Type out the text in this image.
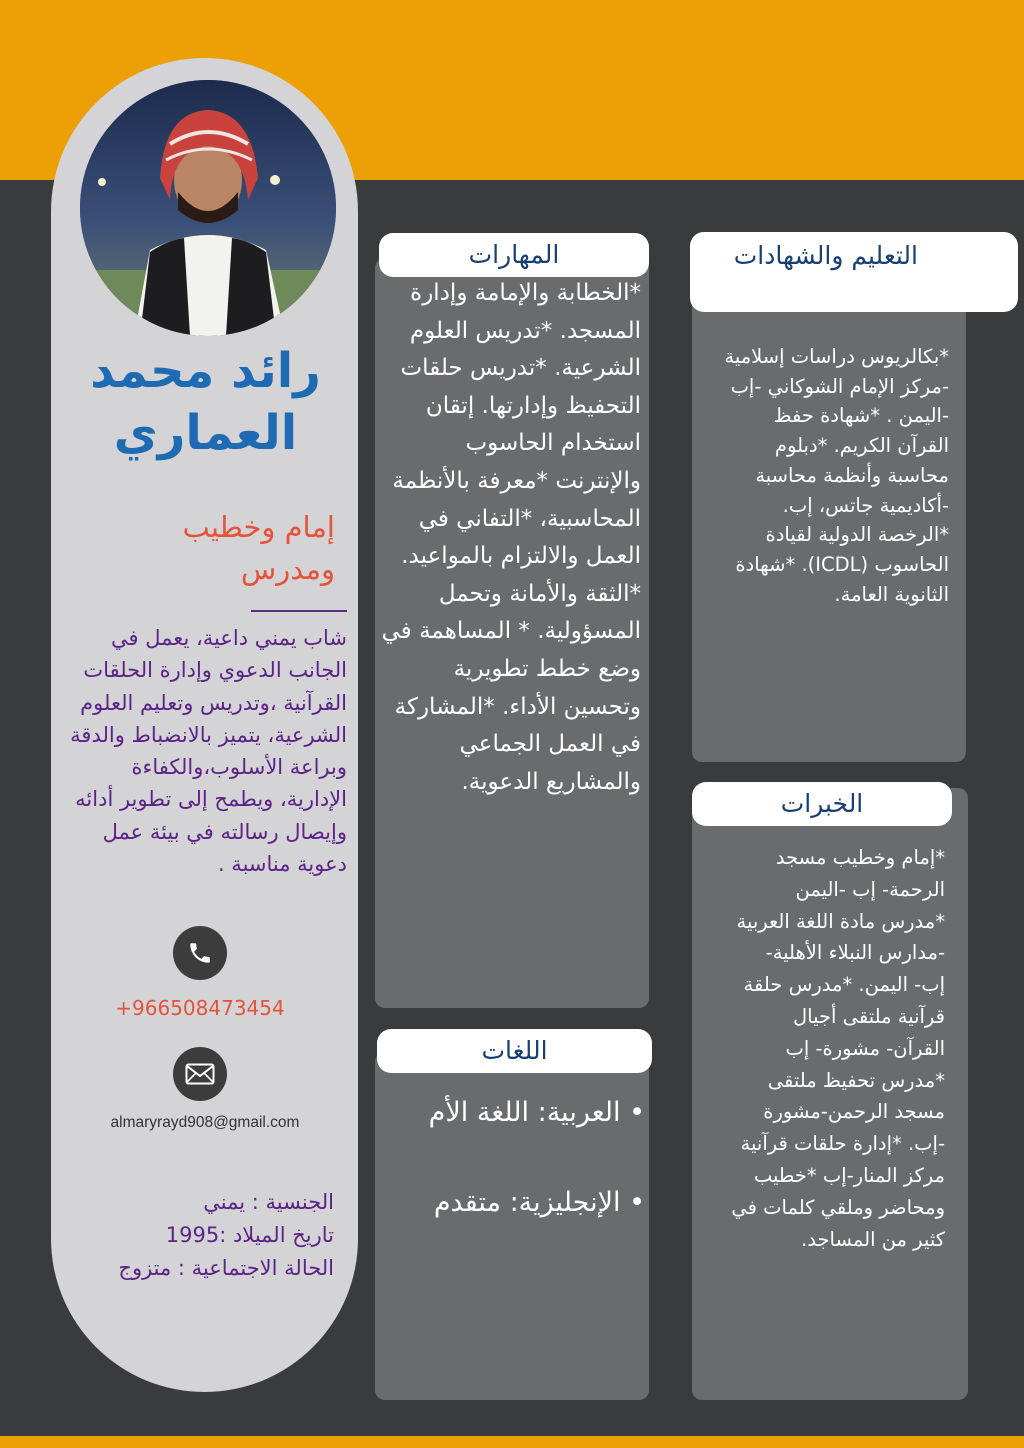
رائد محمد العماري
إمام وخطيب ومدرس
شاب يمني داعية، يعمل في الجانب الدعوي وإدارة الحلقات القرآنية ،وتدريس وتعليم العلوم الشرعية، يتميز بالانضباط والدقة وبراعة الأسلوب،والكفاءة الإدارية، ويطمح إلى تطوير أدائه وإيصال رسالته في بيئة عمل دعوية مناسبة .
+966508473454
almaryrayd908@gmail.com
الجنسية : يمني
تاريخ الميلاد :1995
الحالة الاجتماعية : متزوج
المهارات
*الخطابة والإمامة وإدارة المسجد. *تدريس العلوم الشرعية. *تدريس حلقات التحفيظ وإدارتها. إتقان استخدام الحاسوب والإنترنت *معرفة بالأنظمة المحاسبية، *التفاني في العمل والالتزام بالمواعيد. *الثقة والأمانة وتحمل المسؤولية. * المساهمة في وضع خطط تطويرية وتحسين الأداء. *المشاركة في العمل الجماعي والمشاريع الدعوية.
اللغات
• العربية: اللغة الأم
• الإنجليزية: متقدم
التعليم والشهادات
*بكالريوس دراسات إسلامية -مركز الإمام الشوكاني -إب -اليمن . *شهادة حفظ القرآن الكريم. *دبلوم محاسبة وأنظمة محاسبة -أكاديمية جاتس، إب. *الرخصة الدولية لقيادة الحاسوب (ICDL). *شهادة الثانوية العامة.
الخبرات
*إمام وخطيب مسجد الرحمة- إب -اليمن *مدرس مادة اللغة العربية -مدارس النبلاء الأهلية- إب- اليمن. *مدرس حلقة قرآنية ملتقى أجيال القرآن- مشورة- إب *مدرس تحفيظ ملتقى مسجد الرحمن-مشورة -إب. *إدارة حلقات قرآنية مركز المنار-إب *خطيب ومحاضر وملقي كلمات في كثير من المساجد.
